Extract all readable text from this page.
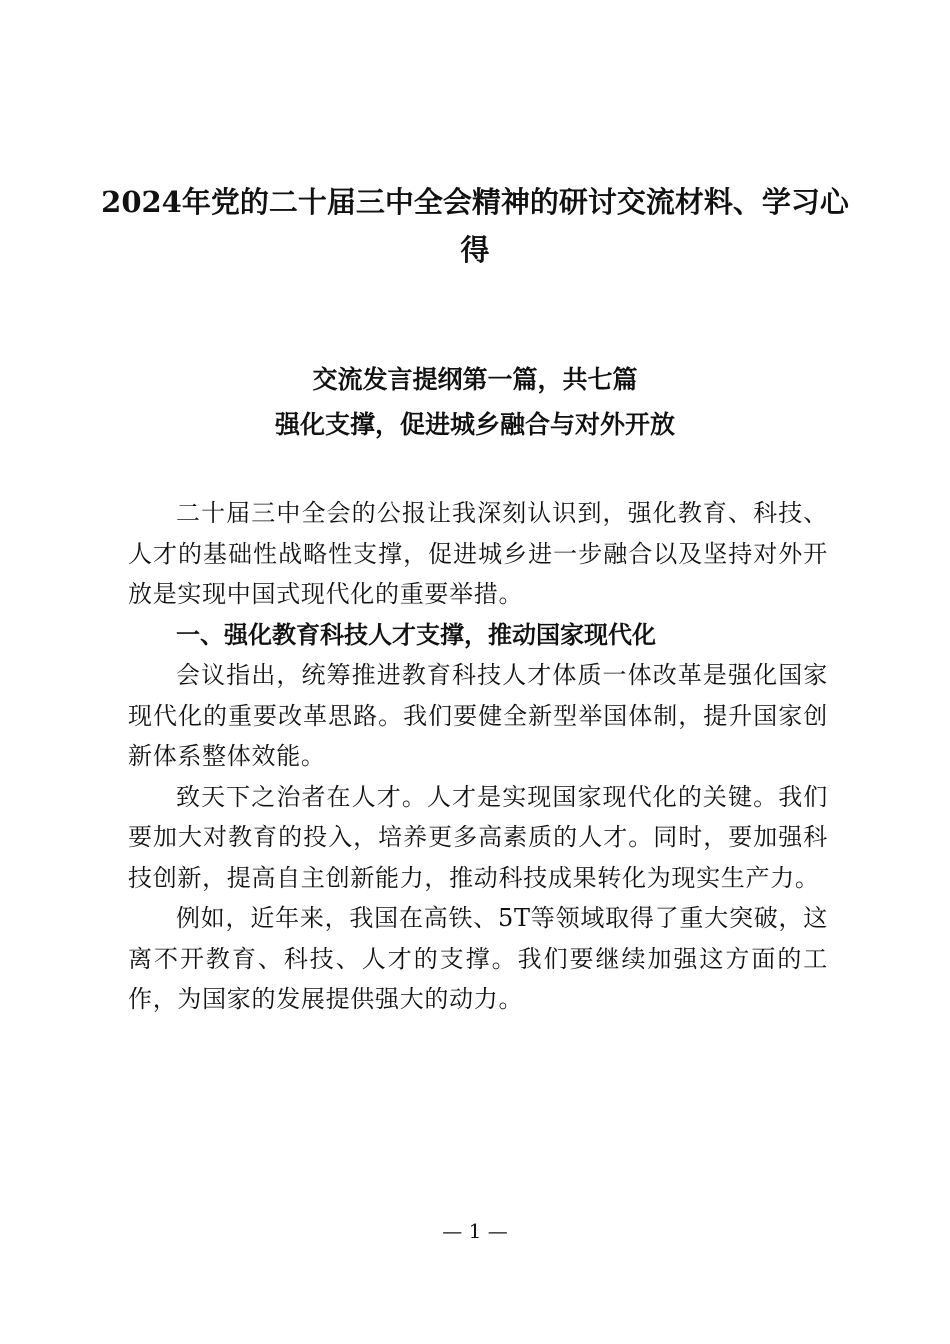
2024年党的二十届三中全会精神的研讨交流材料、学习心得

交流发言提纲第一篇，共七篇

强化支撑，促进城乡融合与对外开放

二十届三中全会的公报让我深刻认识到，强化教育、科技、人才的基础性战略性支撑，促进城乡进一步融合以及坚持对外开放是实现中国式现代化的重要举措。

一、强化教育科技人才支撑，推动国家现代化

会议指出，统筹推进教育科技人才体质一体改革是强化国家现代化的重要改革思路。我们要健全新型举国体制，提升国家创新体系整体效能。

致天下之治者在人才。人才是实现国家现代化的关键。我们要加大对教育的投入，培养更多高素质的人才。同时，要加强科技创新，提高自主创新能力，推动科技成果转化为现实生产力。

例如，近年来，我国在高铁、5T等领域取得了重大突破，这离不开教育、科技、人才的支撑。我们要继续加强这方面的工作，为国家的发展提供强大的动力。

— 1 —
